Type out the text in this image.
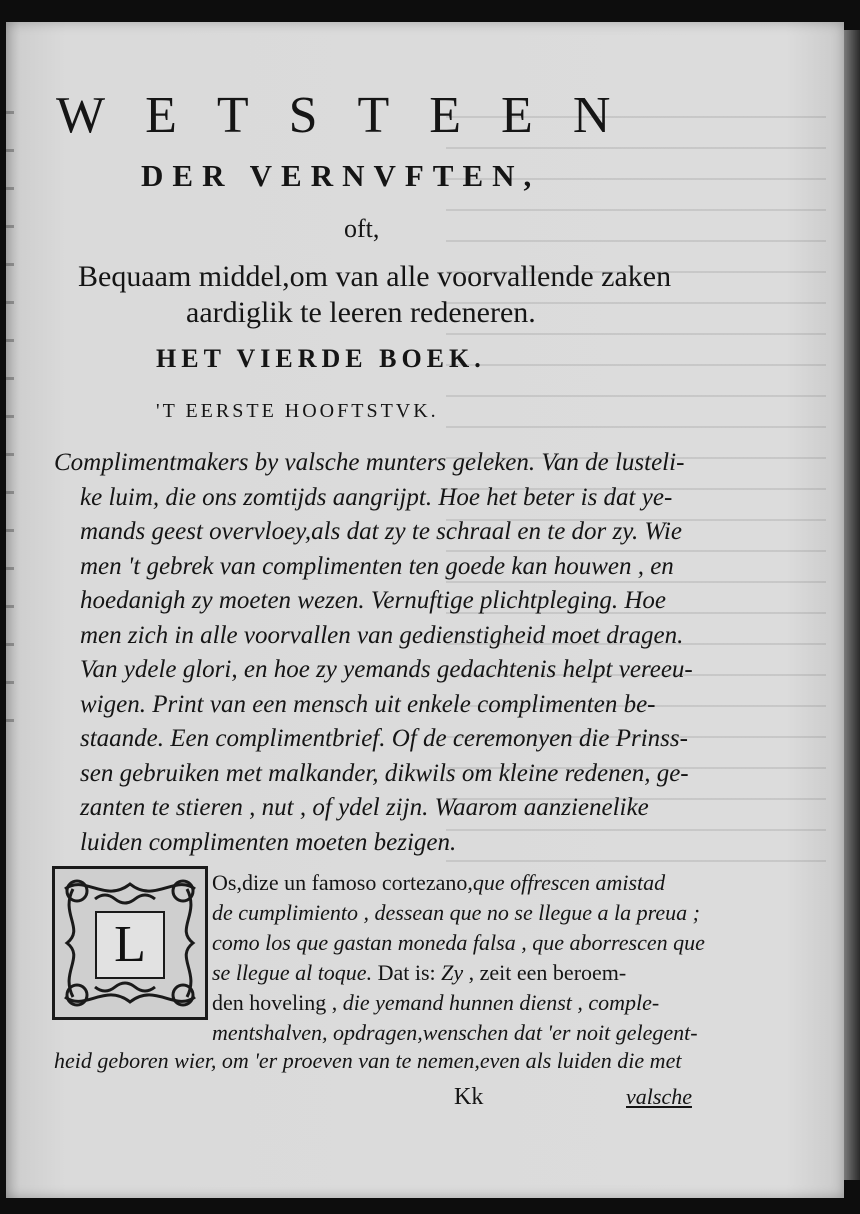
WETSTEEN
DER VERNVFTEN,
oft,
Bequaam middel,om van alle voorvallende zaken
aardiglik te leeren redeneren.
HET VIERDE BOEK.
'T EERSTE HOOFTSTVK.
Complimentmakers by valsche munters geleken. Van de lusteli-
ke luim, die ons zomtijds aangrijpt. Hoe het beter is dat ye-
mands geest overvloey,als dat zy te schraal en te dor zy. Wie
men 't gebrek van complimenten ten goede kan houwen , en
hoedanigh zy moeten wezen. Vernuftige plichtpleging. Hoe
men zich in alle voorvallen van gedienstigheid moet dragen.
Van ydele glori, en hoe zy yemands gedachtenis helpt vereeu-
wigen. Print van een mensch uit enkele complimenten be-
staande. Een complimentbrief. Of de ceremonyen die Prinss-
sen gebruiken met malkander, dikwils om kleine redenen, ge-
zanten te stieren , nut , of ydel zijn. Waarom aanzienelike
luiden complimenten moeten bezigen.
L
Os,dize un famoso cortezano,que offrescen amistad
de cumplimiento , dessean que no se llegue a la preua ;
como los que gastan moneda falsa , que aborrescen que
se llegue al toque. Dat is: Zy , zeit een beroem-
den hoveling , die yemand hunnen dienst , comple-
mentshalven, opdragen,wenschen dat 'er noit gelegent-
heid geboren wier, om 'er proeven van te nemen,even als luiden die met
Kk	valsche
